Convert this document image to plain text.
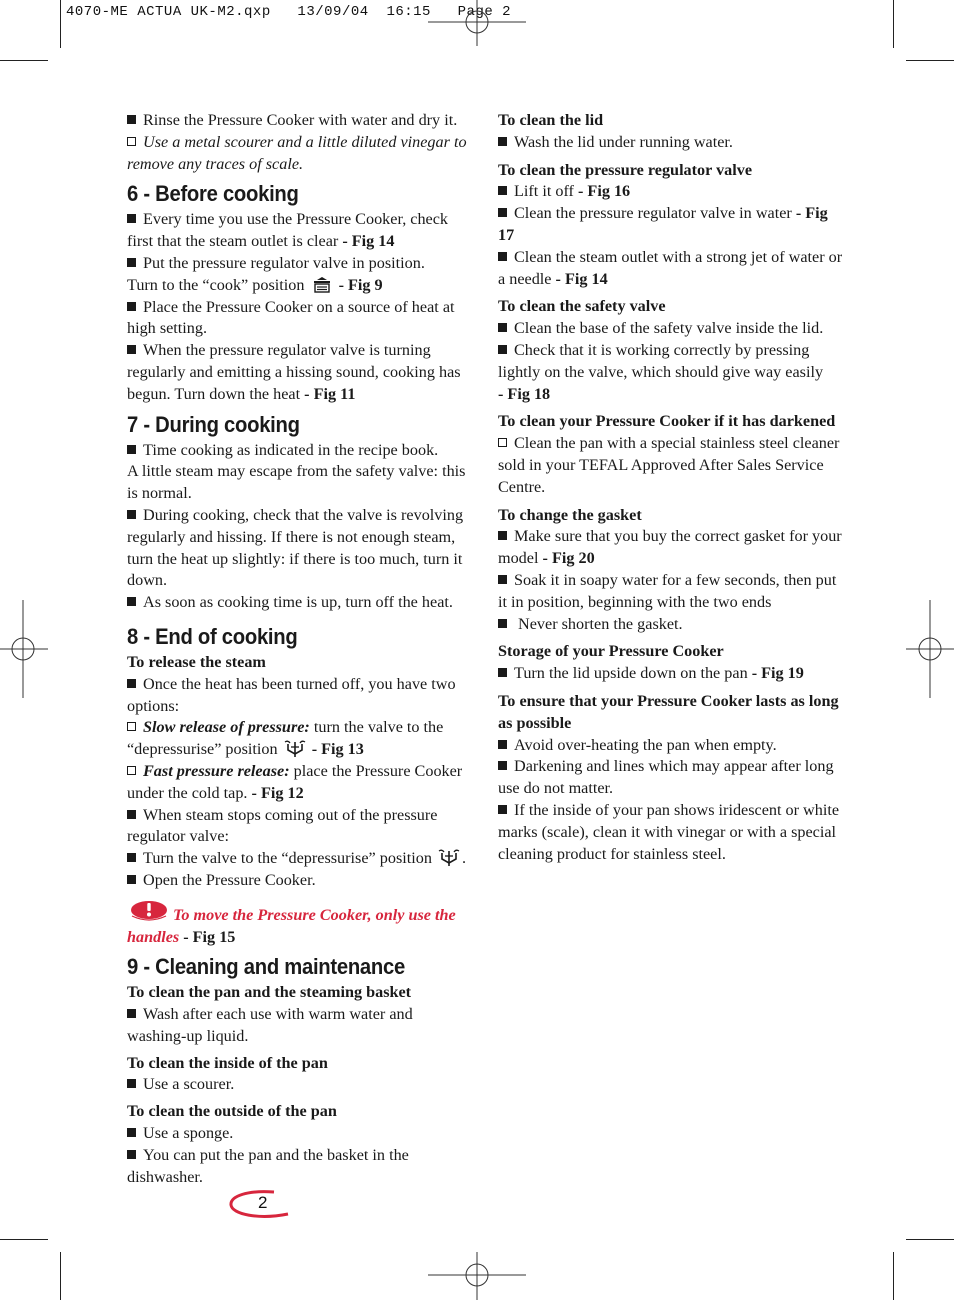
4070-ME ACTUA UK-M2.qxp   13/09/04  16:15   Page 2

Rinse the Pressure Cooker with water and dry it.

Use a metal scourer and a little diluted vinegar to remove any traces of scale.

6 - Before cooking

Every time you use the Pressure Cooker, check first that the steam outlet is clear - Fig 14

Put the pressure regulator valve in position.

Turn to the “cook” position  - Fig 9

Place the Pressure Cooker on a source of heat at high setting.

When the pressure regulator valve is turning regularly and emitting a hissing sound, cooking has begun. Turn down the heat - Fig 11

7 - During cooking

Time cooking as indicated in the recipe book.

A little steam may escape from the safety valve: this is normal.

During cooking, check that the valve is revolving regularly and hissing. If there is not enough steam, turn the heat up slightly: if there is too much, turn it down.

As soon as cooking time is up, turn off the heat.

8 - End of cooking
To release the steam

Once the heat has been turned off, you have two options:

Slow release of pressure: turn the valve to the “depressurise” position  - Fig 13

Fast pressure release: place the Pressure Cooker under the cold tap. - Fig 12

When steam stops coming out of the pressure regulator valve:

Turn the valve to the “depressurise” position .

Open the Pressure Cooker.

To move the Pressure Cooker, only use the handles - Fig 15

9 - Cleaning and maintenance
To clean the pan and the steaming basket

Wash after each use with warm water and washing-up liquid.

To clean the inside of the pan

Use a scourer.

To clean the outside of the pan

Use a sponge.

You can put the pan and the basket in the dishwasher.

To clean the lid

Wash the lid under running water.

To clean the pressure regulator valve

Lift it off - Fig 16

Clean the pressure regulator valve in water - Fig 17

Clean the steam outlet with a strong jet of water or a needle - Fig 14

To clean the safety valve

Clean the base of the safety valve inside the lid.

Check that it is working correctly by pressing lightly on the valve, which should give way easily
- Fig 18

To clean your Pressure Cooker if it has darkened

Clean the pan with a special stainless steel cleaner sold in your TEFAL Approved After Sales Service Centre.

To change the gasket

Make sure that you buy the correct gasket for your model - Fig 20

Soak it in soapy water for a few seconds, then put it in position, beginning with the two ends

Never shorten the gasket.

Storage of your Pressure Cooker

Turn the lid upside down on the pan - Fig 19

To ensure that your Pressure Cooker lasts as long as possible

Avoid over-heating the pan when empty.

Darkening and lines which may appear after long use do not matter.

If the inside of your pan shows iridescent or white marks (scale), clean it with vinegar or with a special cleaning product for stainless steel.

2
